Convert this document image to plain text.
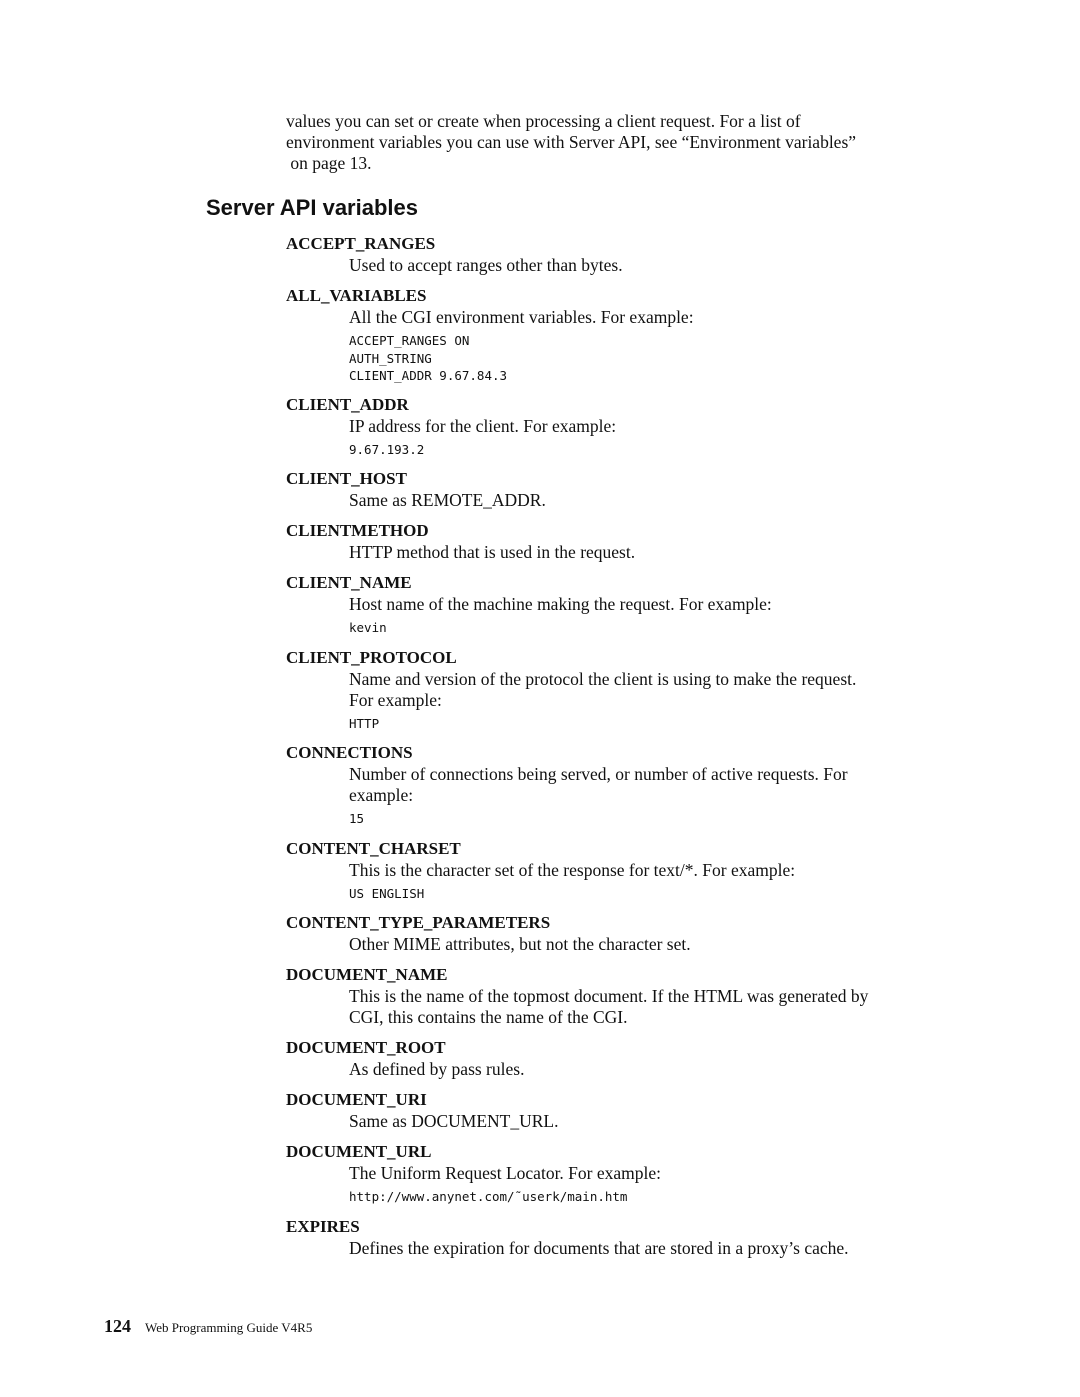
values you can set or create when processing a client request. For a list of
environment variables you can use with Server API, see “Environment variables”
on page 13.
Server API variables
ACCEPT_RANGES
Used to accept ranges other than bytes.
ALL_VARIABLES
All the CGI environment variables. For example:
ACCEPT_RANGES ON
AUTH_STRING
CLIENT_ADDR 9.67.84.3
CLIENT_ADDR
IP address for the client. For example:
9.67.193.2
CLIENT_HOST
Same as REMOTE_ADDR.
CLIENTMETHOD
HTTP method that is used in the request.
CLIENT_NAME
Host name of the machine making the request. For example:
kevin
CLIENT_PROTOCOL
Name and version of the protocol the client is using to make the request.
For example:
HTTP
CONNECTIONS
Number of connections being served, or number of active requests. For
example:
15
CONTENT_CHARSET
This is the character set of the response for text/*. For example:
US ENGLISH
CONTENT_TYPE_PARAMETERS
Other MIME attributes, but not the character set.
DOCUMENT_NAME
This is the name of the topmost document. If the HTML was generated by
CGI, this contains the name of the CGI.
DOCUMENT_ROOT
As defined by pass rules.
DOCUMENT_URI
Same as DOCUMENT_URL.
DOCUMENT_URL
The Uniform Request Locator. For example:
http://www.anynet.com/˜userk/main.htm
EXPIRES
Defines the expiration for documents that are stored in a proxy’s cache.
124 Web Programming Guide V4R5
